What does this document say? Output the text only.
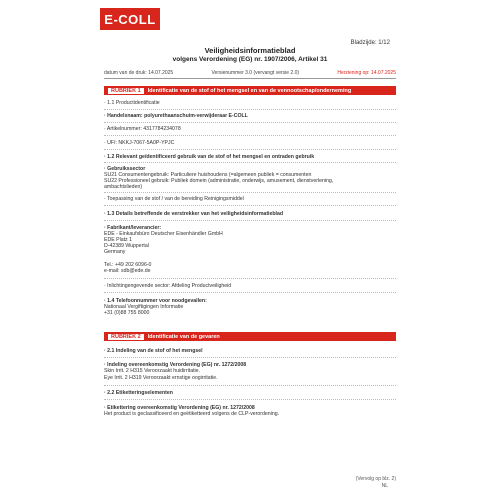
E-COLL
Bladzijde: 1/12
Veiligheidsinformatieblad
volgens Verordening (EG) nr. 1907/2006, Artikel 31
datum van de druk: 14.07.2025	Versienummer 3.0 (vervangt versie 2.0)	Herziening op: 14.07.2025
RUBRIEK 1	Identificatie van de stof of het mengsel en van de vennootschap/onderneming
· 1.1 Productidentificatie
· Handelsnaam: polyurethaanschuim-verwijderaar E-COLL
· Artikelnummer: 4317784234078
· UFI: NKKJ-7067-5A0P-YPJC
· 1.2 Relevant geïdentificeerd gebruik van de stof of het mengsel en ontraden gebruik
· Gebruikssector
SU21 Consumentengebruik: Particuliere huishoudens (=algemeen publiek = consumenten
SU22 Professioneel gebruik: Publiek domein (administratie, onderwijs, amusement, dienstverlening,
ambachtslieden)
· Toepassing van de stof / van de bereiding Reinigingsmiddel
· 1.3 Details betreffende de verstrekker van het veiligheidsinformatieblad
· Fabrikant/leverancier:
EDE - Einkaufsbüro Deutscher Eisenhändler GmbH
EDE Platz 1
D-42389 Wuppertal
Germany
Tel.: +49 202 6096-0
e-mail: sdb@ede.de
· Inlichtingengevende sector: Afdeling Productveiligheid
· 1.4 Telefoonnummer voor noodgevallen:
Nationaal Vergiftigingen Informatie
+31 (0)88 755 8000
RUBRIEK 2	Identificatie van de gevaren
· 2.1 Indeling van de stof of het mengsel
· Indeling overeenkomstig Verordening (EG) nr. 1272/2008
Skin Irrit. 2 H315 Veroorzaakt huidirritatie.
Eye Irrit. 2 H319 Veroorzaakt ernstige oogirritatie.
· 2.2 Etiketteringselementen
· Etikettering overeenkomstig Verordening (EG) nr. 1272/2008
Het product is geclassificeerd en geëtiketteerd volgens de CLP-verordening.
(Vervolg op blz. 2)
NL
